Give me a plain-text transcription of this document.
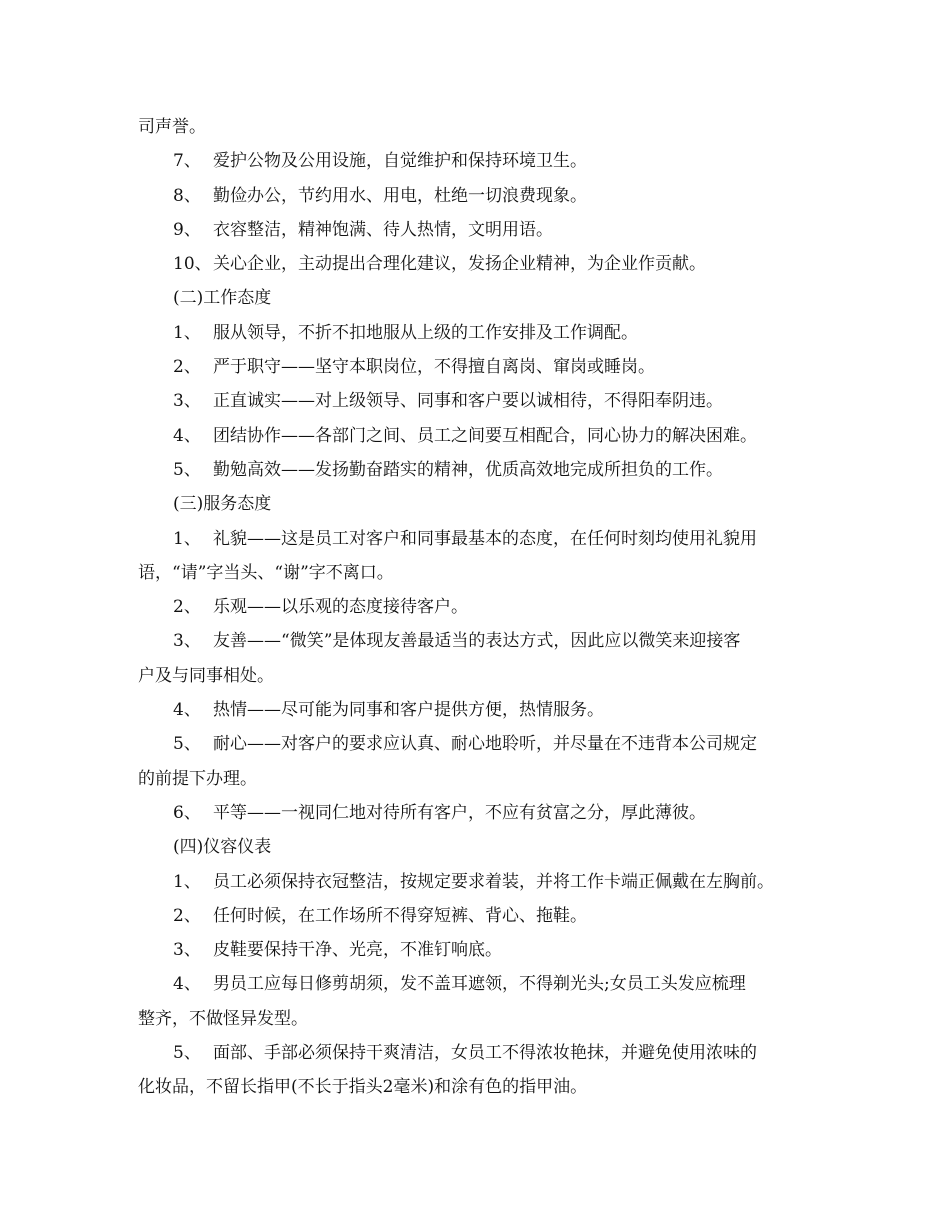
司声誉。
7、 爱护公物及公用设施，自觉维护和保持环境卫生。
8、 勤俭办公，节约用水、用电，杜绝一切浪费现象。
9、 衣容整洁，精神饱满、待人热情，文明用语。
10、关心企业，主动提出合理化建议，发扬企业精神，为企业作贡献。
(二)工作态度
1、 服从领导，不折不扣地服从上级的工作安排及工作调配。
2、 严于职守——坚守本职岗位，不得擅自离岗、窜岗或睡岗。
3、 正直诚实——对上级领导、同事和客户要以诚相待，不得阳奉阴违。
4、 团结协作——各部门之间、员工之间要互相配合，同心协力的解决困难。
5、 勤勉高效——发扬勤奋踏实的精神，优质高效地完成所担负的工作。
(三)服务态度
1、 礼貌——这是员工对客户和同事最基本的态度，在任何时刻均使用礼貌用
语，“请”字当头、“谢”字不离口。
2、 乐观——以乐观的态度接待客户。
3、 友善——“微笑”是体现友善最适当的表达方式，因此应以微笑来迎接客
户及与同事相处。
4、 热情——尽可能为同事和客户提供方便，热情服务。
5、 耐心——对客户的要求应认真、耐心地聆听，并尽量在不违背本公司规定
的前提下办理。
6、 平等——一视同仁地对待所有客户，不应有贫富之分，厚此薄彼。
(四)仪容仪表
1、 员工必须保持衣冠整洁，按规定要求着装，并将工作卡端正佩戴在左胸前。
2、 任何时候，在工作场所不得穿短裤、背心、拖鞋。
3、 皮鞋要保持干净、光亮，不准钉响底。
4、 男员工应每日修剪胡须，发不盖耳遮领，不得剃光头;女员工头发应梳理
整齐，不做怪异发型。
5、 面部、手部必须保持干爽清洁，女员工不得浓妆艳抹，并避免使用浓味的
化妆品，不留长指甲(不长于指头2毫米)和涂有色的指甲油。
